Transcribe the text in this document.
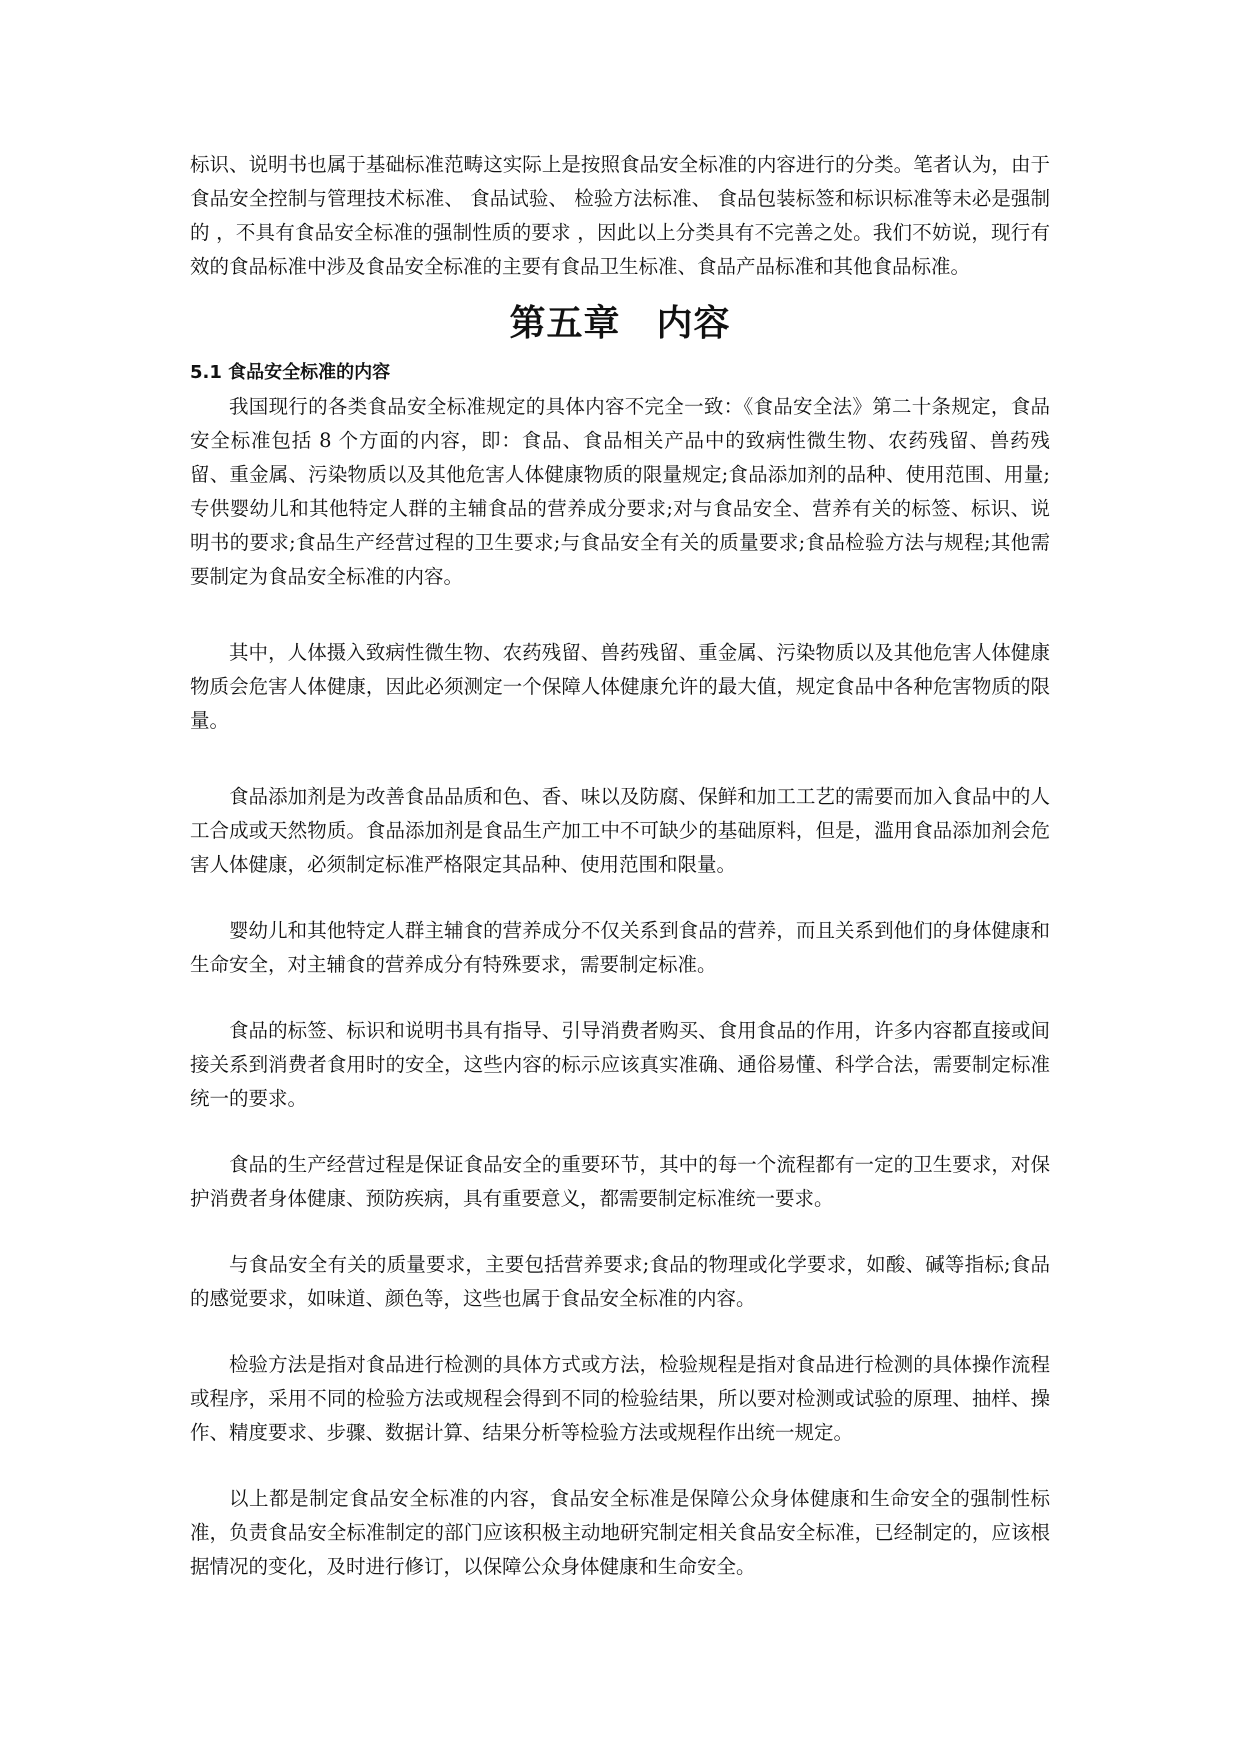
标识、说明书也属于基础标准范畴这实际上是按照食品安全标准的内容进行的分类。笔者认为，由于食品安全控制与管理技术标准、 食品试验、 检验方法标准、 食品包装标签和标识标准等未必是强制的 ，不具有食品安全标准的强制性质的要求 ，因此以上分类具有不完善之处。我们不妨说，现行有效的食品标准中涉及食品安全标准的主要有食品卫生标准、食品产品标准和其他食品标准。

第五章 内容
5.1 食品安全标准的内容

我国现行的各类食品安全标准规定的具体内容不完全一致：《食品安全法》第二十条规定，食品安全标准包括 8 个方面的内容，即：食品、食品相关产品中的致病性微生物、农药残留、兽药残留、重金属、污染物质以及其他危害人体健康物质的限量规定;食品添加剂的品种、使用范围、用量;专供婴幼儿和其他特定人群的主辅食品的营养成分要求;对与食品安全、营养有关的标签、标识、说明书的要求;食品生产经营过程的卫生要求;与食品安全有关的质量要求;食品检验方法与规程;其他需要制定为食品安全标准的内容。

其中，人体摄入致病性微生物、农药残留、兽药残留、重金属、污染物质以及其他危害人体健康物质会危害人体健康，因此必须测定一个保障人体健康允许的最大值，规定食品中各种危害物质的限量。

食品添加剂是为改善食品品质和色、香、味以及防腐、保鲜和加工工艺的需要而加入食品中的人工合成或天然物质。食品添加剂是食品生产加工中不可缺少的基础原料，但是，滥用食品添加剂会危害人体健康，必须制定标准严格限定其品种、使用范围和限量。

婴幼儿和其他特定人群主辅食的营养成分不仅关系到食品的营养，而且关系到他们的身体健康和生命安全，对主辅食的营养成分有特殊要求，需要制定标准。

食品的标签、标识和说明书具有指导、引导消费者购买、食用食品的作用，许多内容都直接或间接关系到消费者食用时的安全，这些内容的标示应该真实准确、通俗易懂、科学合法，需要制定标准统一的要求。

食品的生产经营过程是保证食品安全的重要环节，其中的每一个流程都有一定的卫生要求，对保护消费者身体健康、预防疾病，具有重要意义，都需要制定标准统一要求。

与食品安全有关的质量要求，主要包括营养要求;食品的物理或化学要求，如酸、碱等指标;食品的感觉要求，如味道、颜色等，这些也属于食品安全标准的内容。

检验方法是指对食品进行检测的具体方式或方法，检验规程是指对食品进行检测的具体操作流程或程序，采用不同的检验方法或规程会得到不同的检验结果，所以要对检测或试验的原理、抽样、操作、精度要求、步骤、数据计算、结果分析等检验方法或规程作出统一规定。

以上都是制定食品安全标准的内容，食品安全标准是保障公众身体健康和生命安全的强制性标准，负责食品安全标准制定的部门应该积极主动地研究制定相关食品安全标准，已经制定的，应该根据情况的变化，及时进行修订，以保障公众身体健康和生命安全。
